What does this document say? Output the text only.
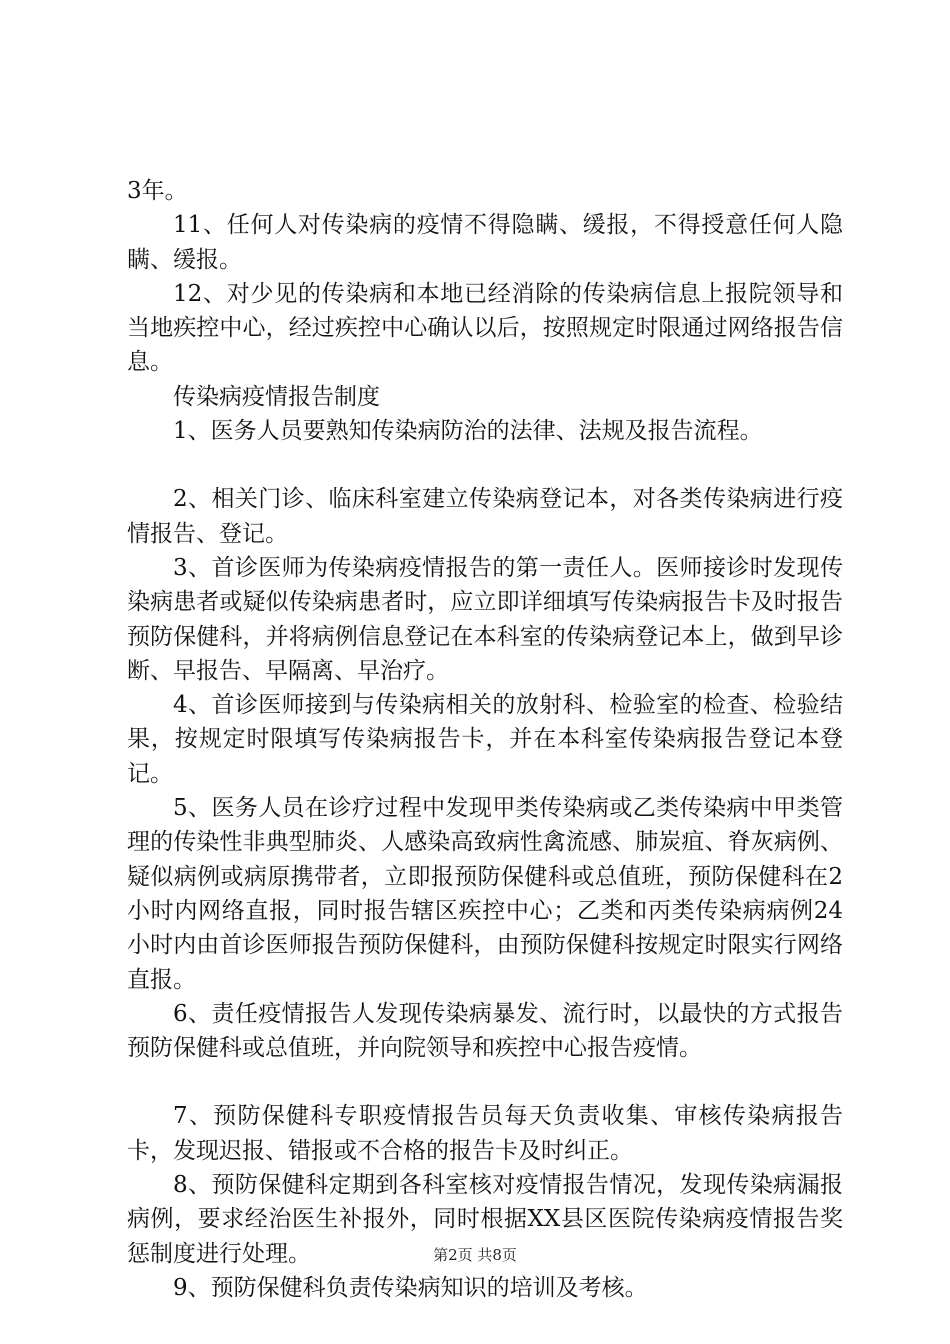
3年。

11、任何人对传染病的疫情不得隐瞒、缓报，不得授意任何人隐瞒、缓报。

12、对少见的传染病和本地已经消除的传染病信息上报院领导和当地疾控中心，经过疾控中心确认以后，按照规定时限通过网络报告信息。

传染病疫情报告制度

1、医务人员要熟知传染病防治的法律、法规及报告流程。

2、相关门诊、临床科室建立传染病登记本，对各类传染病进行疫情报告、登记。

3、首诊医师为传染病疫情报告的第一责任人。医师接诊时发现传染病患者或疑似传染病患者时，应立即详细填写传染病报告卡及时报告预防保健科，并将病例信息登记在本科室的传染病登记本上，做到早诊断、早报告、早隔离、早治疗。

4、首诊医师接到与传染病相关的放射科、检验室的检查、检验结果，按规定时限填写传染病报告卡，并在本科室传染病报告登记本登记。

5、医务人员在诊疗过程中发现甲类传染病或乙类传染病中甲类管理的传染性非典型肺炎、人感染高致病性禽流感、肺炭疽、脊灰病例、疑似病例或病原携带者，立即报预防保健科或总值班，预防保健科在2小时内网络直报，同时报告辖区疾控中心；乙类和丙类传染病病例24小时内由首诊医师报告预防保健科，由预防保健科按规定时限实行网络直报。

6、责任疫情报告人发现传染病暴发、流行时，以最快的方式报告预防保健科或总值班，并向院领导和疾控中心报告疫情。

7、预防保健科专职疫情报告员每天负责收集、审核传染病报告卡，发现迟报、错报或不合格的报告卡及时纠正。

8、预防保健科定期到各科室核对疫情报告情况，发现传染病漏报病例，要求经治医生补报外，同时根据XX县区医院传染病疫情报告奖惩制度进行处理。

9、预防保健科负责传染病知识的培训及考核。

第2页 共8页
